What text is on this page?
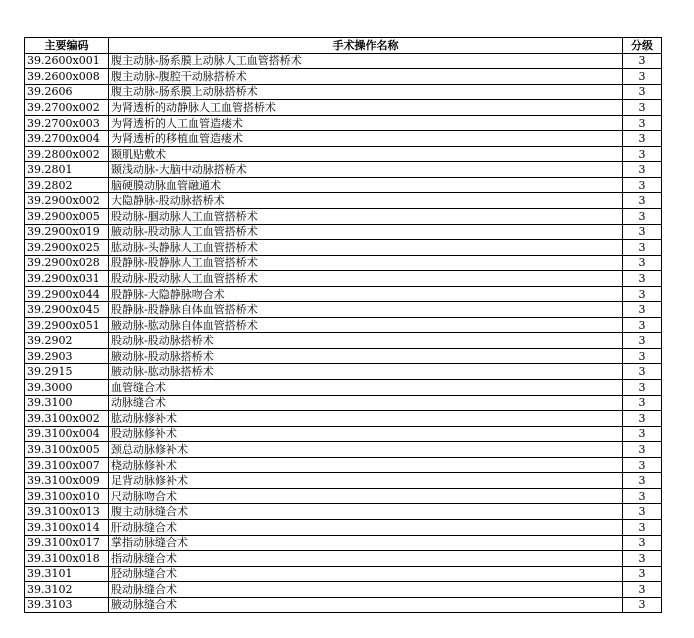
主要编码	手术操作名称	分级
39.2600x001	腹主动脉-肠系膜上动脉人工血管搭桥术	3
39.2600x008	腹主动脉-腹腔干动脉搭桥术	3
39.2606	腹主动脉-肠系膜上动脉搭桥术	3
39.2700x002	为肾透析的动静脉人工血管搭桥术	3
39.2700x003	为肾透析的人工血管造瘘术	3
39.2700x004	为肾透析的移植血管造瘘术	3
39.2800x002	颞肌贴敷术	3
39.2801	颞浅动脉-大脑中动脉搭桥术	3
39.2802	脑硬膜动脉血管融通术	3
39.2900x002	大隐静脉-股动脉搭桥术	3
39.2900x005	股动脉-腘动脉人工血管搭桥术	3
39.2900x019	腋动脉-股动脉人工血管搭桥术	3
39.2900x025	肱动脉-头静脉人工血管搭桥术	3
39.2900x028	股静脉-股静脉人工血管搭桥术	3
39.2900x031	股动脉-股动脉人工血管搭桥术	3
39.2900x044	股静脉-大隐静脉吻合术	3
39.2900x045	股静脉-股静脉自体血管搭桥术	3
39.2900x051	腋动脉-肱动脉自体血管搭桥术	3
39.2902	股动脉-股动脉搭桥术	3
39.2903	腋动脉-股动脉搭桥术	3
39.2915	腋动脉-肱动脉搭桥术	3
39.3000	血管缝合术	3
39.3100	动脉缝合术	3
39.3100x002	肱动脉修补术	3
39.3100x004	股动脉修补术	3
39.3100x005	颈总动脉修补术	3
39.3100x007	桡动脉修补术	3
39.3100x009	足背动脉修补术	3
39.3100x010	尺动脉吻合术	3
39.3100x013	腹主动脉缝合术	3
39.3100x014	肝动脉缝合术	3
39.3100x017	掌指动脉缝合术	3
39.3100x018	指动脉缝合术	3
39.3101	胫动脉缝合术	3
39.3102	股动脉缝合术	3
39.3103	腋动脉缝合术	3
